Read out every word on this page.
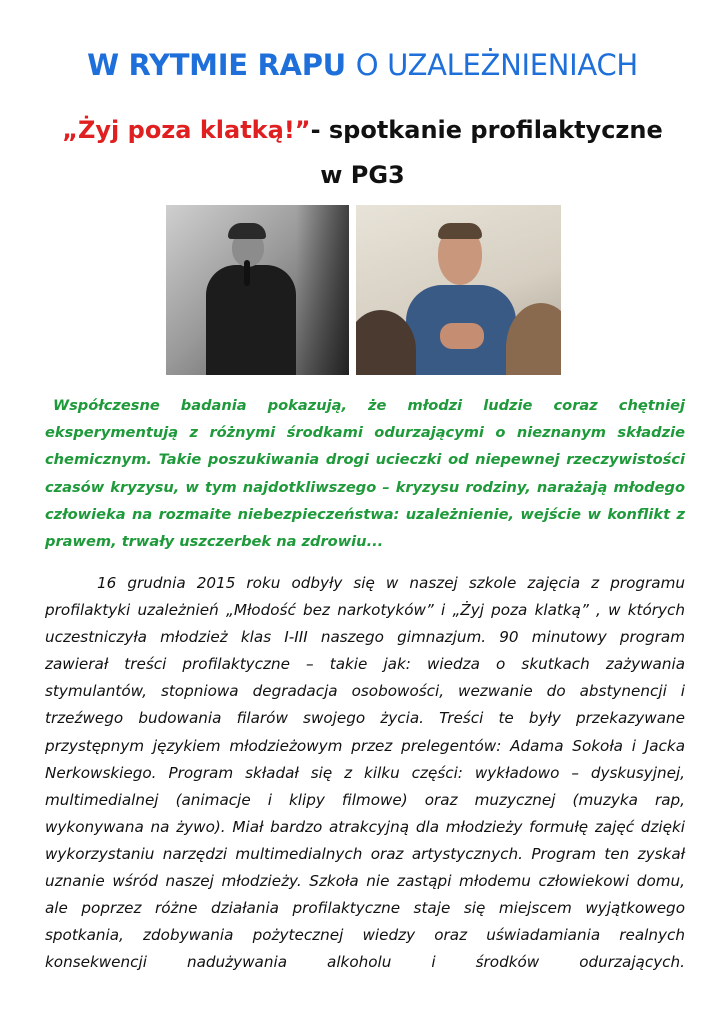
W RYTMIE RAPU O UZALEŻNIENIACH
„Żyj poza klatką!”- spotkanie profilaktyczne
w PG3

Współczesne badania pokazują, że młodzi ludzie coraz chętniej eksperymentują z różnymi środkami odurzającymi o nieznanym składzie chemicznym. Takie poszukiwania drogi ucieczki od niepewnej rzeczywistości czasów kryzysu, w tym najdotkliwszego – kryzysu rodziny, narażają młodego człowieka na rozmaite niebezpieczeństwa: uzależnienie, wejście w konflikt z prawem, trwały uszczerbek na zdrowiu...

16 grudnia 2015 roku odbyły się w naszej szkole zajęcia z programu profilaktyki uzależnień „Młodość bez narkotyków” i „Żyj poza klatką” , w których uczestniczyła młodzież klas I-III naszego gimnazjum. 90 minutowy program zawierał treści profilaktyczne – takie jak: wiedza o skutkach zażywania stymulantów, stopniowa degradacja osobowości, wezwanie do abstynencji i trzeźwego budowania filarów swojego życia. Treści te były przekazywane przystępnym językiem młodzieżowym przez prelegentów: Adama Sokoła i Jacka Nerkowskiego. Program składał się z kilku części: wykładowo – dyskusyjnej, multimedialnej (animacje i klipy filmowe) oraz muzycznej (muzyka rap, wykonywana na żywo). Miał bardzo atrakcyjną dla młodzieży formułę zajęć dzięki wykorzystaniu narzędzi multimedialnych oraz artystycznych. Program ten zyskał uznanie wśród naszej młodzieży. Szkoła nie zastąpi młodemu człowiekowi domu, ale poprzez różne działania profilaktyczne staje się miejscem wyjątkowego spotkania, zdobywania pożytecznej wiedzy oraz uświadamiania realnych konsekwencji nadużywania alkoholu i środków odurzających.
